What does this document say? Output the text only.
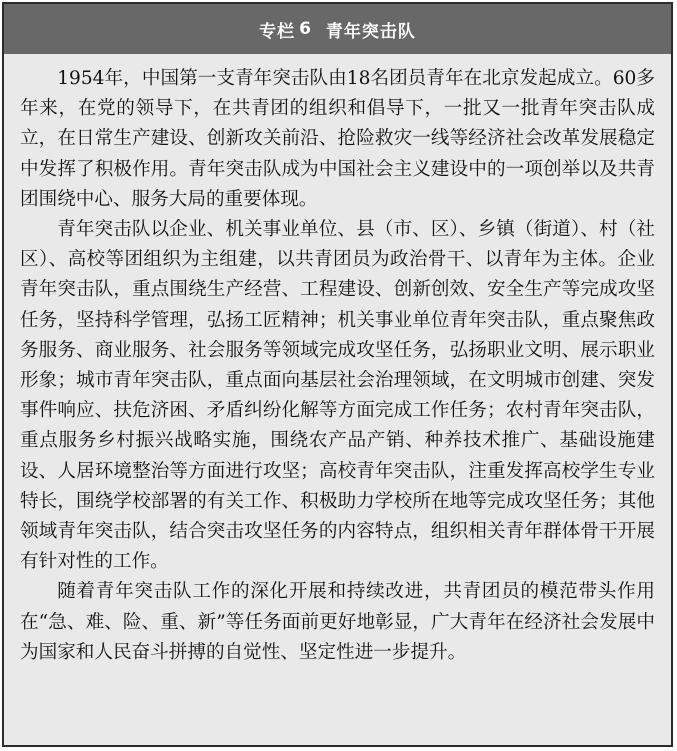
专栏 6 青年突击队

1954年，中国第一支青年突击队由18名团员青年在北京发起成立。60多年来，在党的领导下，在共青团的组织和倡导下，一批又一批青年突击队成立，在日常生产建设、创新攻关前沿、抢险救灾一线等经济社会改革发展稳定中发挥了积极作用。青年突击队成为中国社会主义建设中的一项创举以及共青团围绕中心、服务大局的重要体现。

青年突击队以企业、机关事业单位、县（市、区）、乡镇（街道）、村（社区）、高校等团组织为主组建，以共青团员为政治骨干、以青年为主体。企业青年突击队，重点围绕生产经营、工程建设、创新创效、安全生产等完成攻坚任务，坚持科学管理，弘扬工匠精神；机关事业单位青年突击队，重点聚焦政务服务、商业服务、社会服务等领域完成攻坚任务，弘扬职业文明、展示职业形象；城市青年突击队，重点面向基层社会治理领域，在文明城市创建、突发事件响应、扶危济困、矛盾纠纷化解等方面完成工作任务；农村青年突击队，重点服务乡村振兴战略实施，围绕农产品产销、种养技术推广、基础设施建设、人居环境整治等方面进行攻坚；高校青年突击队，注重发挥高校学生专业特长，围绕学校部署的有关工作、积极助力学校所在地等完成攻坚任务；其他领域青年突击队，结合突击攻坚任务的内容特点，组织相关青年群体骨干开展有针对性的工作。

随着青年突击队工作的深化开展和持续改进，共青团员的模范带头作用在“急、难、险、重、新”等任务面前更好地彰显，广大青年在经济社会发展中为国家和人民奋斗拼搏的自觉性、坚定性进一步提升。
